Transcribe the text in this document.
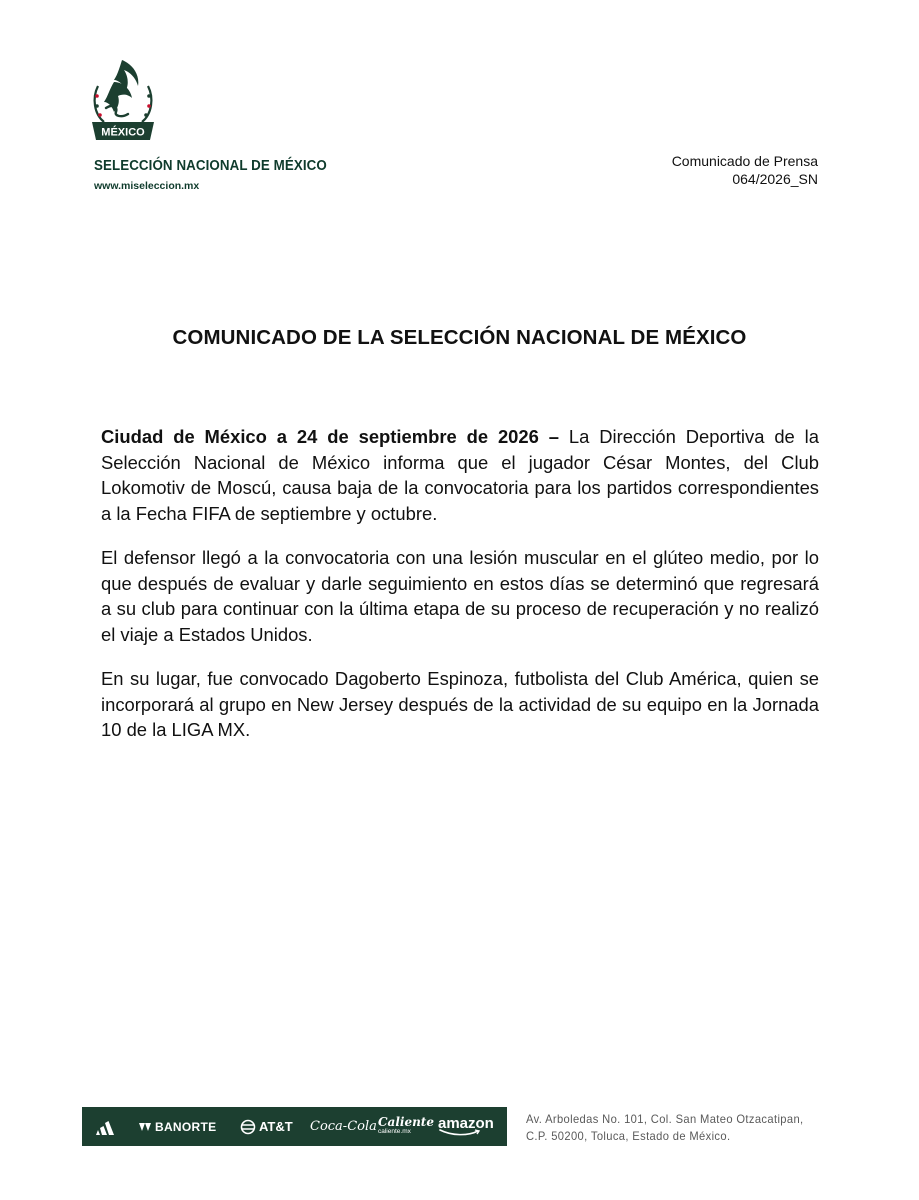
MÉXICO
SELECCIÓN NACIONAL DE MÉXICO
www.miseleccion.mx
Comunicado de Prensa
064/2026_SN
COMUNICADO DE LA SELECCIÓN NACIONAL DE MÉXICO

Ciudad de México a 24 de septiembre de 2026 – La Dirección Deportiva de la Selección Nacional de México informa que el jugador César Montes, del Club Lokomotiv de Moscú, causa baja de la convocatoria para los partidos correspondientes a la Fecha FIFA de septiembre y octubre.

El defensor llegó a la convocatoria con una lesión muscular en el glúteo medio, por lo que después de evaluar y darle seguimiento en estos días se determinó que regresará a su club para continuar con la última etapa de su proceso de recuperación y no realizó el viaje a Estados Unidos.

En su lugar, fue convocado Dagoberto Espinoza, futbolista del Club América, quien se incorporará al grupo en New Jersey después de la actividad de su equipo en la Jornada 10 de la LIGA MX.

BANORTE	AT&T Coca-Cola Caliente
caliente.mx amazon	Av. Arboledas No. 101, Col. San Mateo Otzacatipan,
C.P. 50200, Toluca, Estado de México.
